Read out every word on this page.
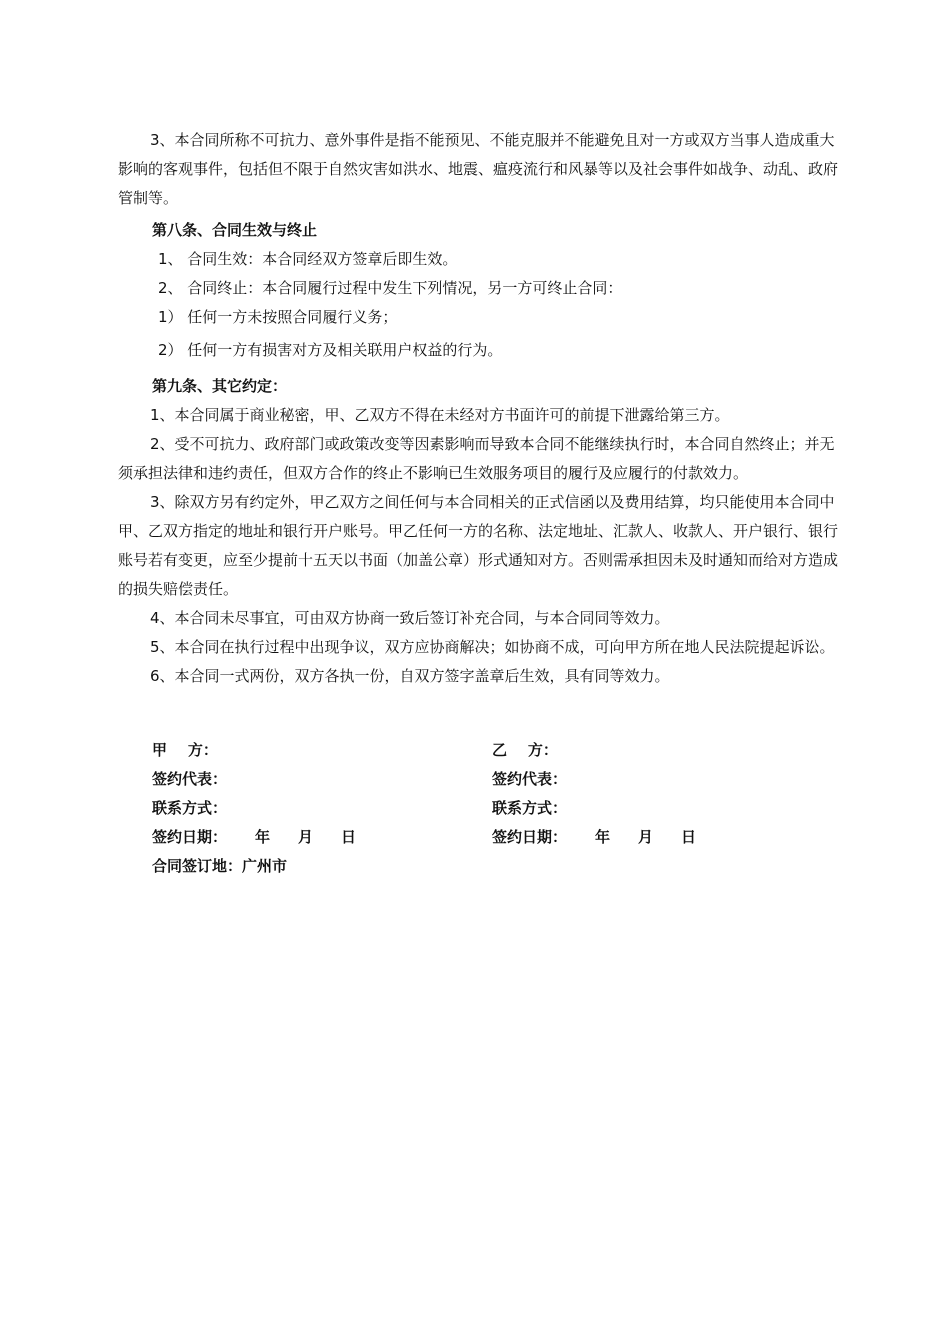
3、本合同所称不可抗力、意外事件是指不能预见、不能克服并不能避免且对一方或双方当事人造成重大影响的客观事件，包括但不限于自然灾害如洪水、地震、瘟疫流行和风暴等以及社会事件如战争、动乱、政府管制等。

第八条、合同生效与终止

1、 合同生效：本合同经双方签章后即生效。

2、 合同终止：本合同履行过程中发生下列情况，另一方可终止合同：

1） 任何一方未按照合同履行义务；

2） 任何一方有损害对方及相关联用户权益的行为。

第九条、其它约定：

1、本合同属于商业秘密，甲、乙双方不得在未经对方书面许可的前提下泄露给第三方。

2、受不可抗力、政府部门或政策改变等因素影响而导致本合同不能继续执行时，本合同自然终止；并无须承担法律和违约责任，但双方合作的终止不影响已生效服务项目的履行及应履行的付款效力。

3、除双方另有约定外，甲乙双方之间任何与本合同相关的正式信函以及费用结算，均只能使用本合同中甲、乙双方指定的地址和银行开户账号。甲乙任何一方的名称、法定地址、汇款人、收款人、开户银行、银行账号若有变更，应至少提前十五天以书面（加盖公章）形式通知对方。否则需承担因未及时通知而给对方造成的损失赔偿责任。

4、本合同未尽事宜，可由双方协商一致后签订补充合同，与本合同同等效力。

5、本合同在执行过程中出现争议，双方应协商解决；如协商不成，可向甲方所在地人民法院提起诉讼。

6、本合同一式两份，双方各执一份，自双方签字盖章后生效，具有同等效力。

甲    方：	乙    方：
签约代表：	签约代表：
联系方式：	联系方式：
签约日期： 年 月 日	签约日期： 年 月 日
合同签订地：广州市
